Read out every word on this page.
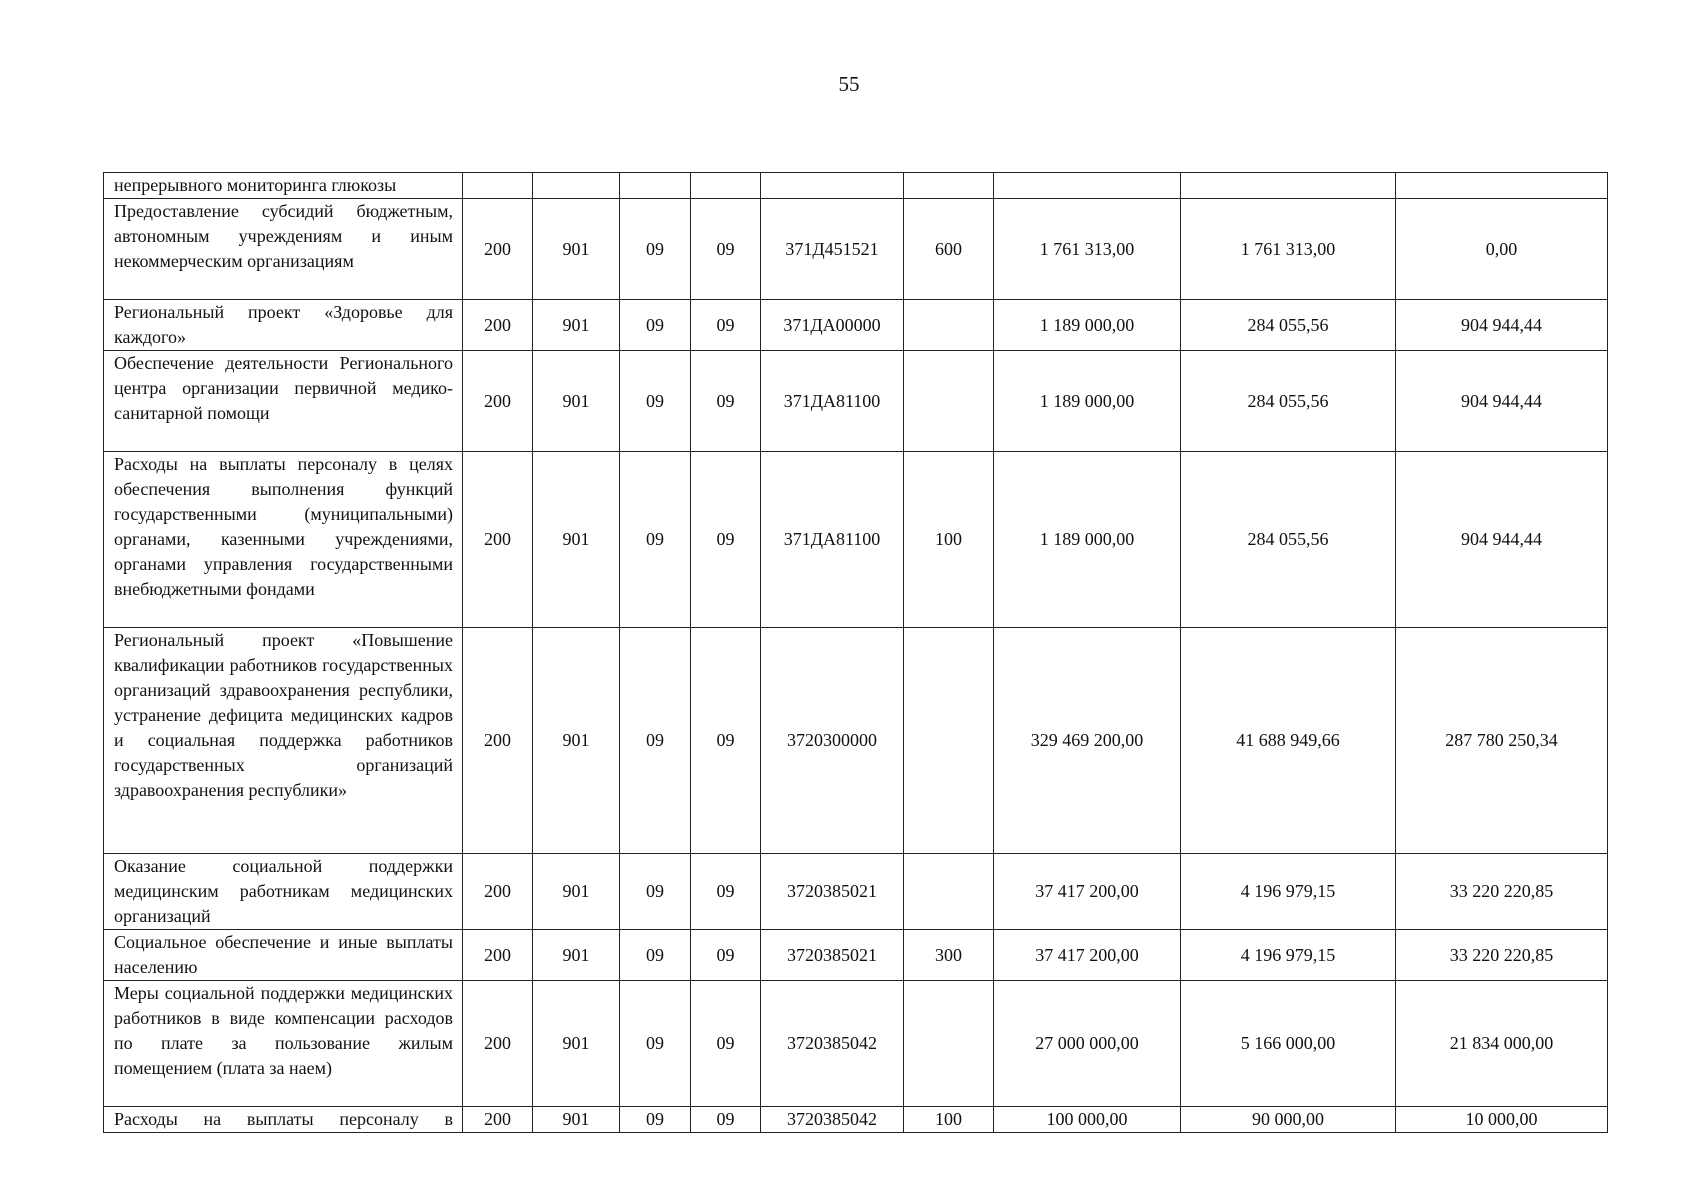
55
непрерывного мониторинга глюкозы									

Предоставление субсидий бюджетным, автономным учреждениям и иным некоммерческим организациям	200	901	09	09	371Д451521	600	1 761 313,00	1 761 313,00	0,00

Региональный проект «Здоровье для каждого»	200	901	09	09	371ДА00000		1 189 000,00	284 055,56	904 944,44

Обеспечение деятельности Регионального центра организации первичной медико-санитарной помощи	200	901	09	09	371ДА81100		1 189 000,00	284 055,56	904 944,44

Расходы на выплаты персоналу в целях обеспечения выполнения функций государственными (муниципальными) органами, казенными учреждениями, органами управления государственными внебюджетными фондами	200	901	09	09	371ДА81100	100	1 189 000,00	284 055,56	904 944,44

Региональный проект «Повышение квалификации работников государственных организаций здравоохранения республики, устранение дефицита медицинских кадров и социальная поддержка работников государственных организаций здравоохранения республики»	200	901	09	09	3720300000		329 469 200,00	41 688 949,66	287 780 250,34

Оказание социальной поддержки медицинским работникам медицинских организаций	200	901	09	09	3720385021		37 417 200,00	4 196 979,15	33 220 220,85

Социальное обеспечение и иные выплаты населению	200	901	09	09	3720385021	300	37 417 200,00	4 196 979,15	33 220 220,85

Меры социальной поддержки медицинских работников в виде компенсации расходов по плате за пользование жилым помещением (плата за наем)	200	901	09	09	3720385042		27 000 000,00	5 166 000,00	21 834 000,00

Расходы на выплаты персоналу в	200	901	09	09	3720385042	100	100 000,00	90 000,00	10 000,00
